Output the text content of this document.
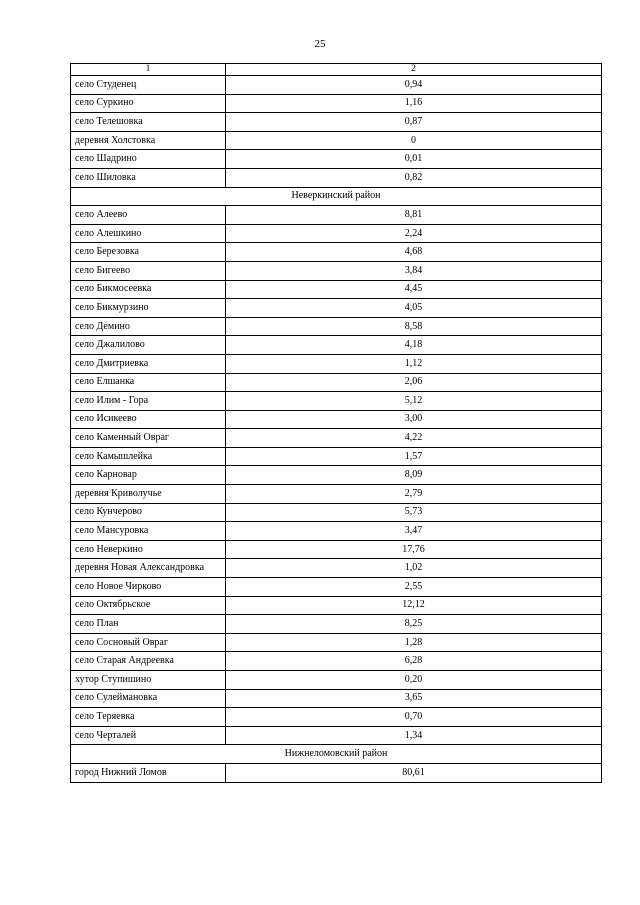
25
1	2
село Студенец	0,94
село Суркино	1,16
село Телешовка	0,87
деревня Холстовка	0
село Шадрино	0,01
село Шиловка	0,82
Неверкинский район	
село Алеево	8,81
село Алешкино	2,24
село Березовка	4,68
село Бигеево	3,84
село Бикмосеевка	4,45
село Бикмурзино	4,05
село Демино	8,58
село Джалилово	4,18
село Дмитриевка	1,12
село Елшанка	2,06
село Илим - Гора	5,12
село Исикеево	3,00
село Каменный Овраг	4,22
село Камышлейка	1,57
село Карновар	8,09
деревня Криволучье	2,79
село Кунчерово	5,73
село Мансуровка	3,47
село Неверкино	17,76
деревня Новая Александровка	1,02
село Новое Чирково	2,55
село Октябрьское	12,12
село План	8,25
село Сосновый Овраг	1,28
село Старая Андреевка	6,28
хутор Ступишино	0,20
село Сулеймановка	3,65
село Теряевка	0,70
село Черталей	1,34
Нижнеломовский район	
город Нижний Ломов	80,61
